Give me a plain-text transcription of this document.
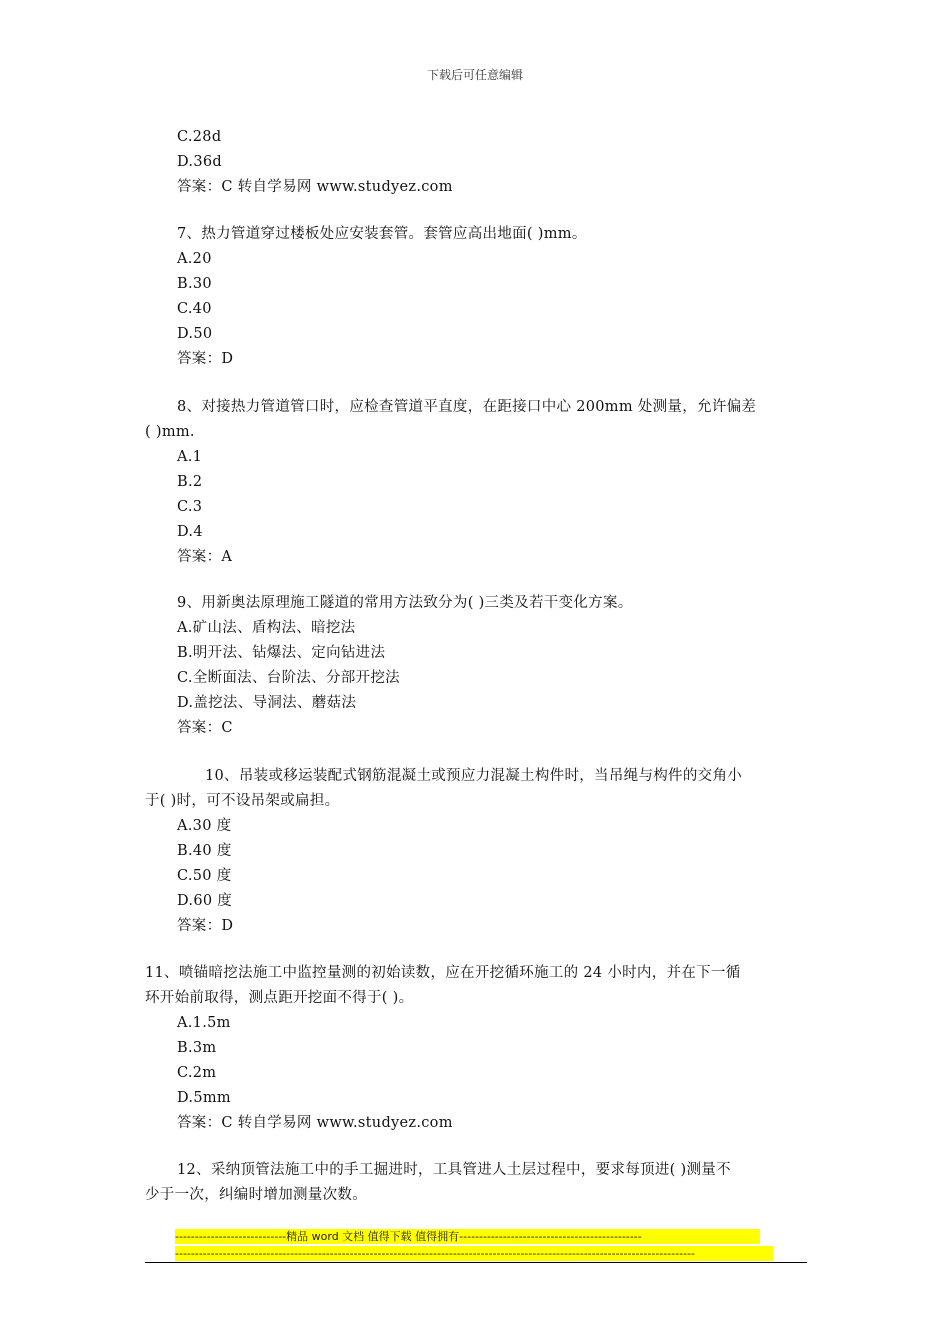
下载后可任意编辑
C.28d
D.36d
答案：C 转自学易网 www.studyez.com
7、热力管道穿过楼板处应安装套管。套管应高出地面( )mm。
A.20
B.30
C.40
D.50
答案：D
8、对接热力管道管口时，应检查管道平直度，在距接口中心 200mm 处测量，允许偏差
( )mm.
A.1
B.2
C.3
D.4
答案：A
9、用新奥法原理施工隧道的常用方法致分为( )三类及若干变化方案。
A.矿山法、盾构法、暗挖法
B.明开法、钻爆法、定向钻进法
C.全断面法、台阶法、分部开挖法
D.盖挖法、导洞法、蘑菇法
答案：C
10、吊装或移运装配式钢筋混凝土或预应力混凝土构件时，当吊绳与构件的交角小
于( )时，可不设吊架或扁担。
A.30 度
B.40 度
C.50 度
D.60 度
答案：D
11、喷锚暗挖法施工中监控量测的初始读数，应在开挖循环施工的 24 小时内，并在下一循
环开始前取得，测点距开挖面不得于( )。
A.1.5m
B.3m
C.2m
D.5mm
答案：C 转自学易网 www.studyez.com
12、采纳顶管法施工中的手工掘进时，工具管进人土层过程中，要求每顶进( )测量不
少于一次，纠编时增加测量次数。
----------------------------精品 word 文档 值得下载 值得拥有----------------------------------------------
-----------------------------------------------------------------------------------------------------------------------------------
